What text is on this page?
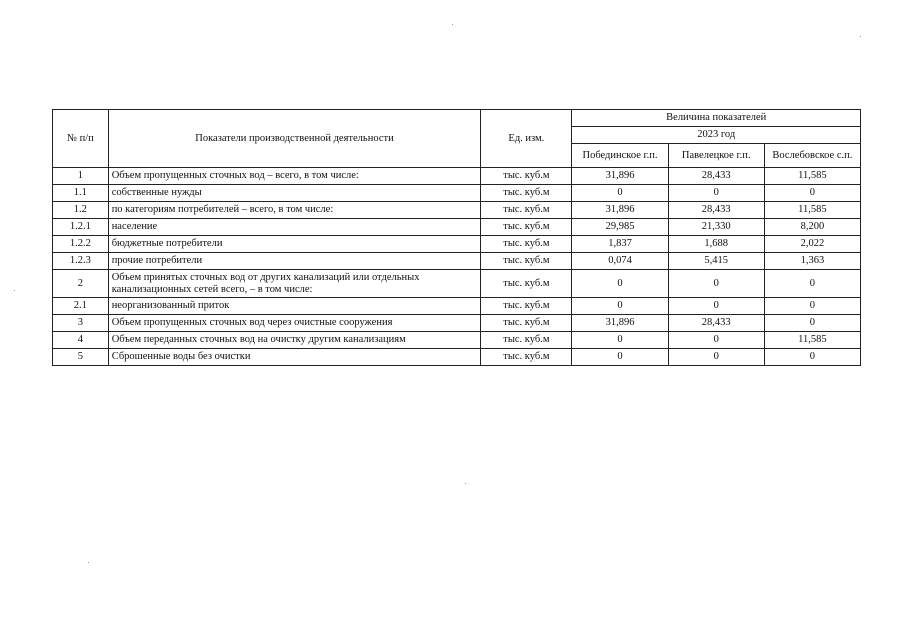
№ п/п	Показатели производственной деятельности	Ед. изм.	Величина показателей		
			2023 год		
			Побединское г.п.	Павелецкое г.п.	Вослебовское с.п.
1	Объем пропущенных сточных вод – всего, в том числе:	тыс. куб.м	31,896	28,433	11,585
1.1	собственные нужды	тыс. куб.м	0	0	0
1.2	по категориям потребителей – всего, в том числе:	тыс. куб.м	31,896	28,433	11,585
1.2.1	население	тыс. куб.м	29,985	21,330	8,200
1.2.2	бюджетные потребители	тыс. куб.м	1,837	1,688	2,022
1.2.3	прочие потребители	тыс. куб.м	0,074	5,415	1,363
2	Объем принятых сточных вод от других канализаций или отдельных канализационных сетей всего, – в том числе:	тыс. куб.м	0	0	0
2.1	неорганизованный приток	тыс. куб.м	0	0	0
3	Объем пропущенных сточных вод через очистные сооружения	тыс. куб.м	31,896	28,433	0
4	Объем переданных сточных вод на очистку другим канализациям	тыс. куб.м	0	0	11,585
5	Сброшенные воды без очистки	тыс. куб.м	0	0	0
